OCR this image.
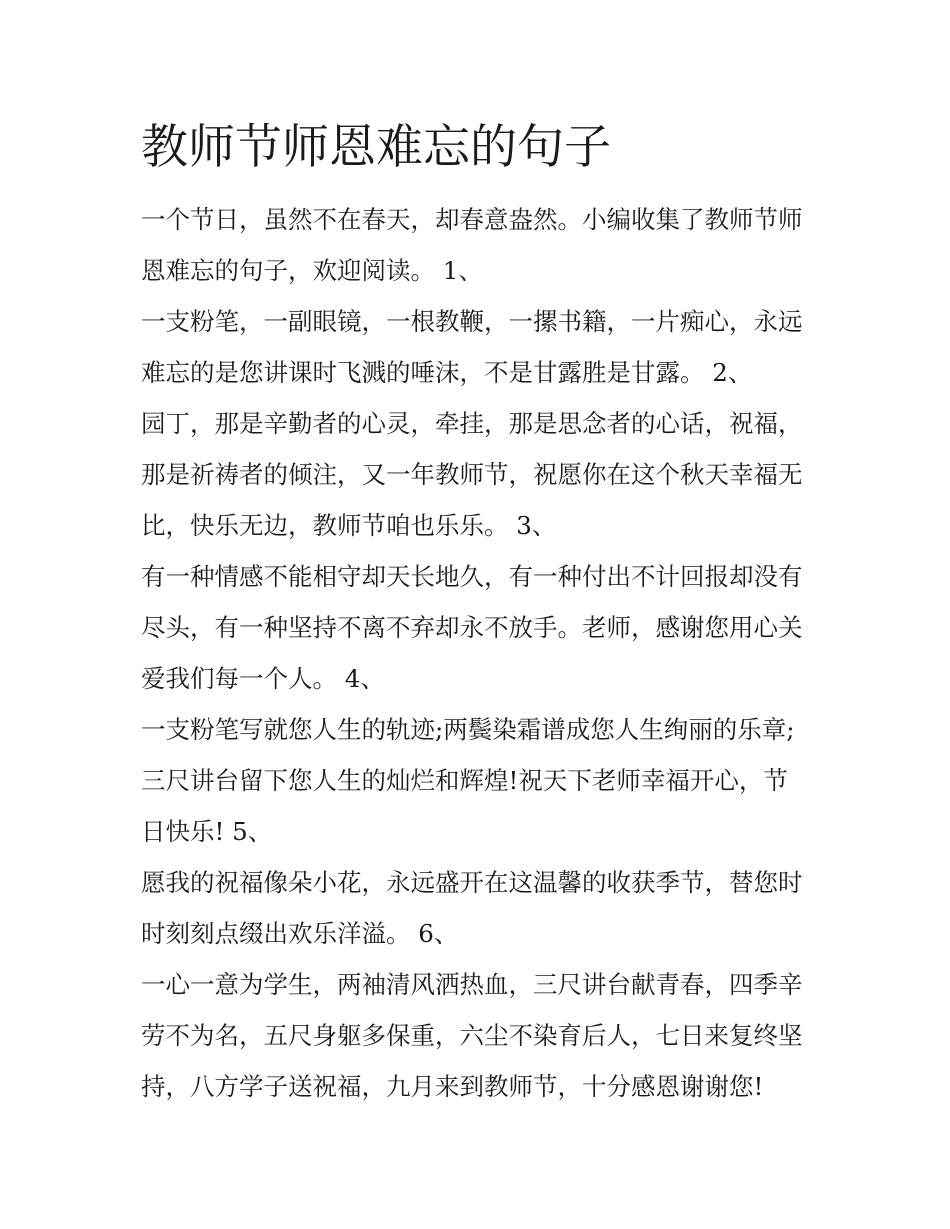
教师节师恩难忘的句子

一个节日，虽然不在春天，却春意盎然。小编收集了教师节师

恩难忘的句子，欢迎阅读。 1、

一支粉笔，一副眼镜，一根教鞭，一摞书籍，一片痴心，永远

难忘的是您讲课时飞溅的唾沫，不是甘露胜是甘露。 2、

园丁，那是辛勤者的心灵，牵挂，那是思念者的心话，祝福，

那是祈祷者的倾注，又一年教师节，祝愿你在这个秋天幸福无

比，快乐无边，教师节咱也乐乐。 3、

有一种情感不能相守却天长地久，有一种付出不计回报却没有

尽头，有一种坚持不离不弃却永不放手。老师，感谢您用心关

爱我们每一个人。 4、

一支粉笔写就您人生的轨迹;两鬓染霜谱成您人生绚丽的乐章;

三尺讲台留下您人生的灿烂和辉煌!祝天下老师幸福开心，节

日快乐! 5、

愿我的祝福像朵小花，永远盛开在这温馨的收获季节，替您时

时刻刻点缀出欢乐洋溢。 6、

一心一意为学生，两袖清风洒热血，三尺讲台献青春，四季辛

劳不为名，五尺身躯多保重，六尘不染育后人，七日来复终坚

持，八方学子送祝福，九月来到教师节，十分感恩谢谢您!
